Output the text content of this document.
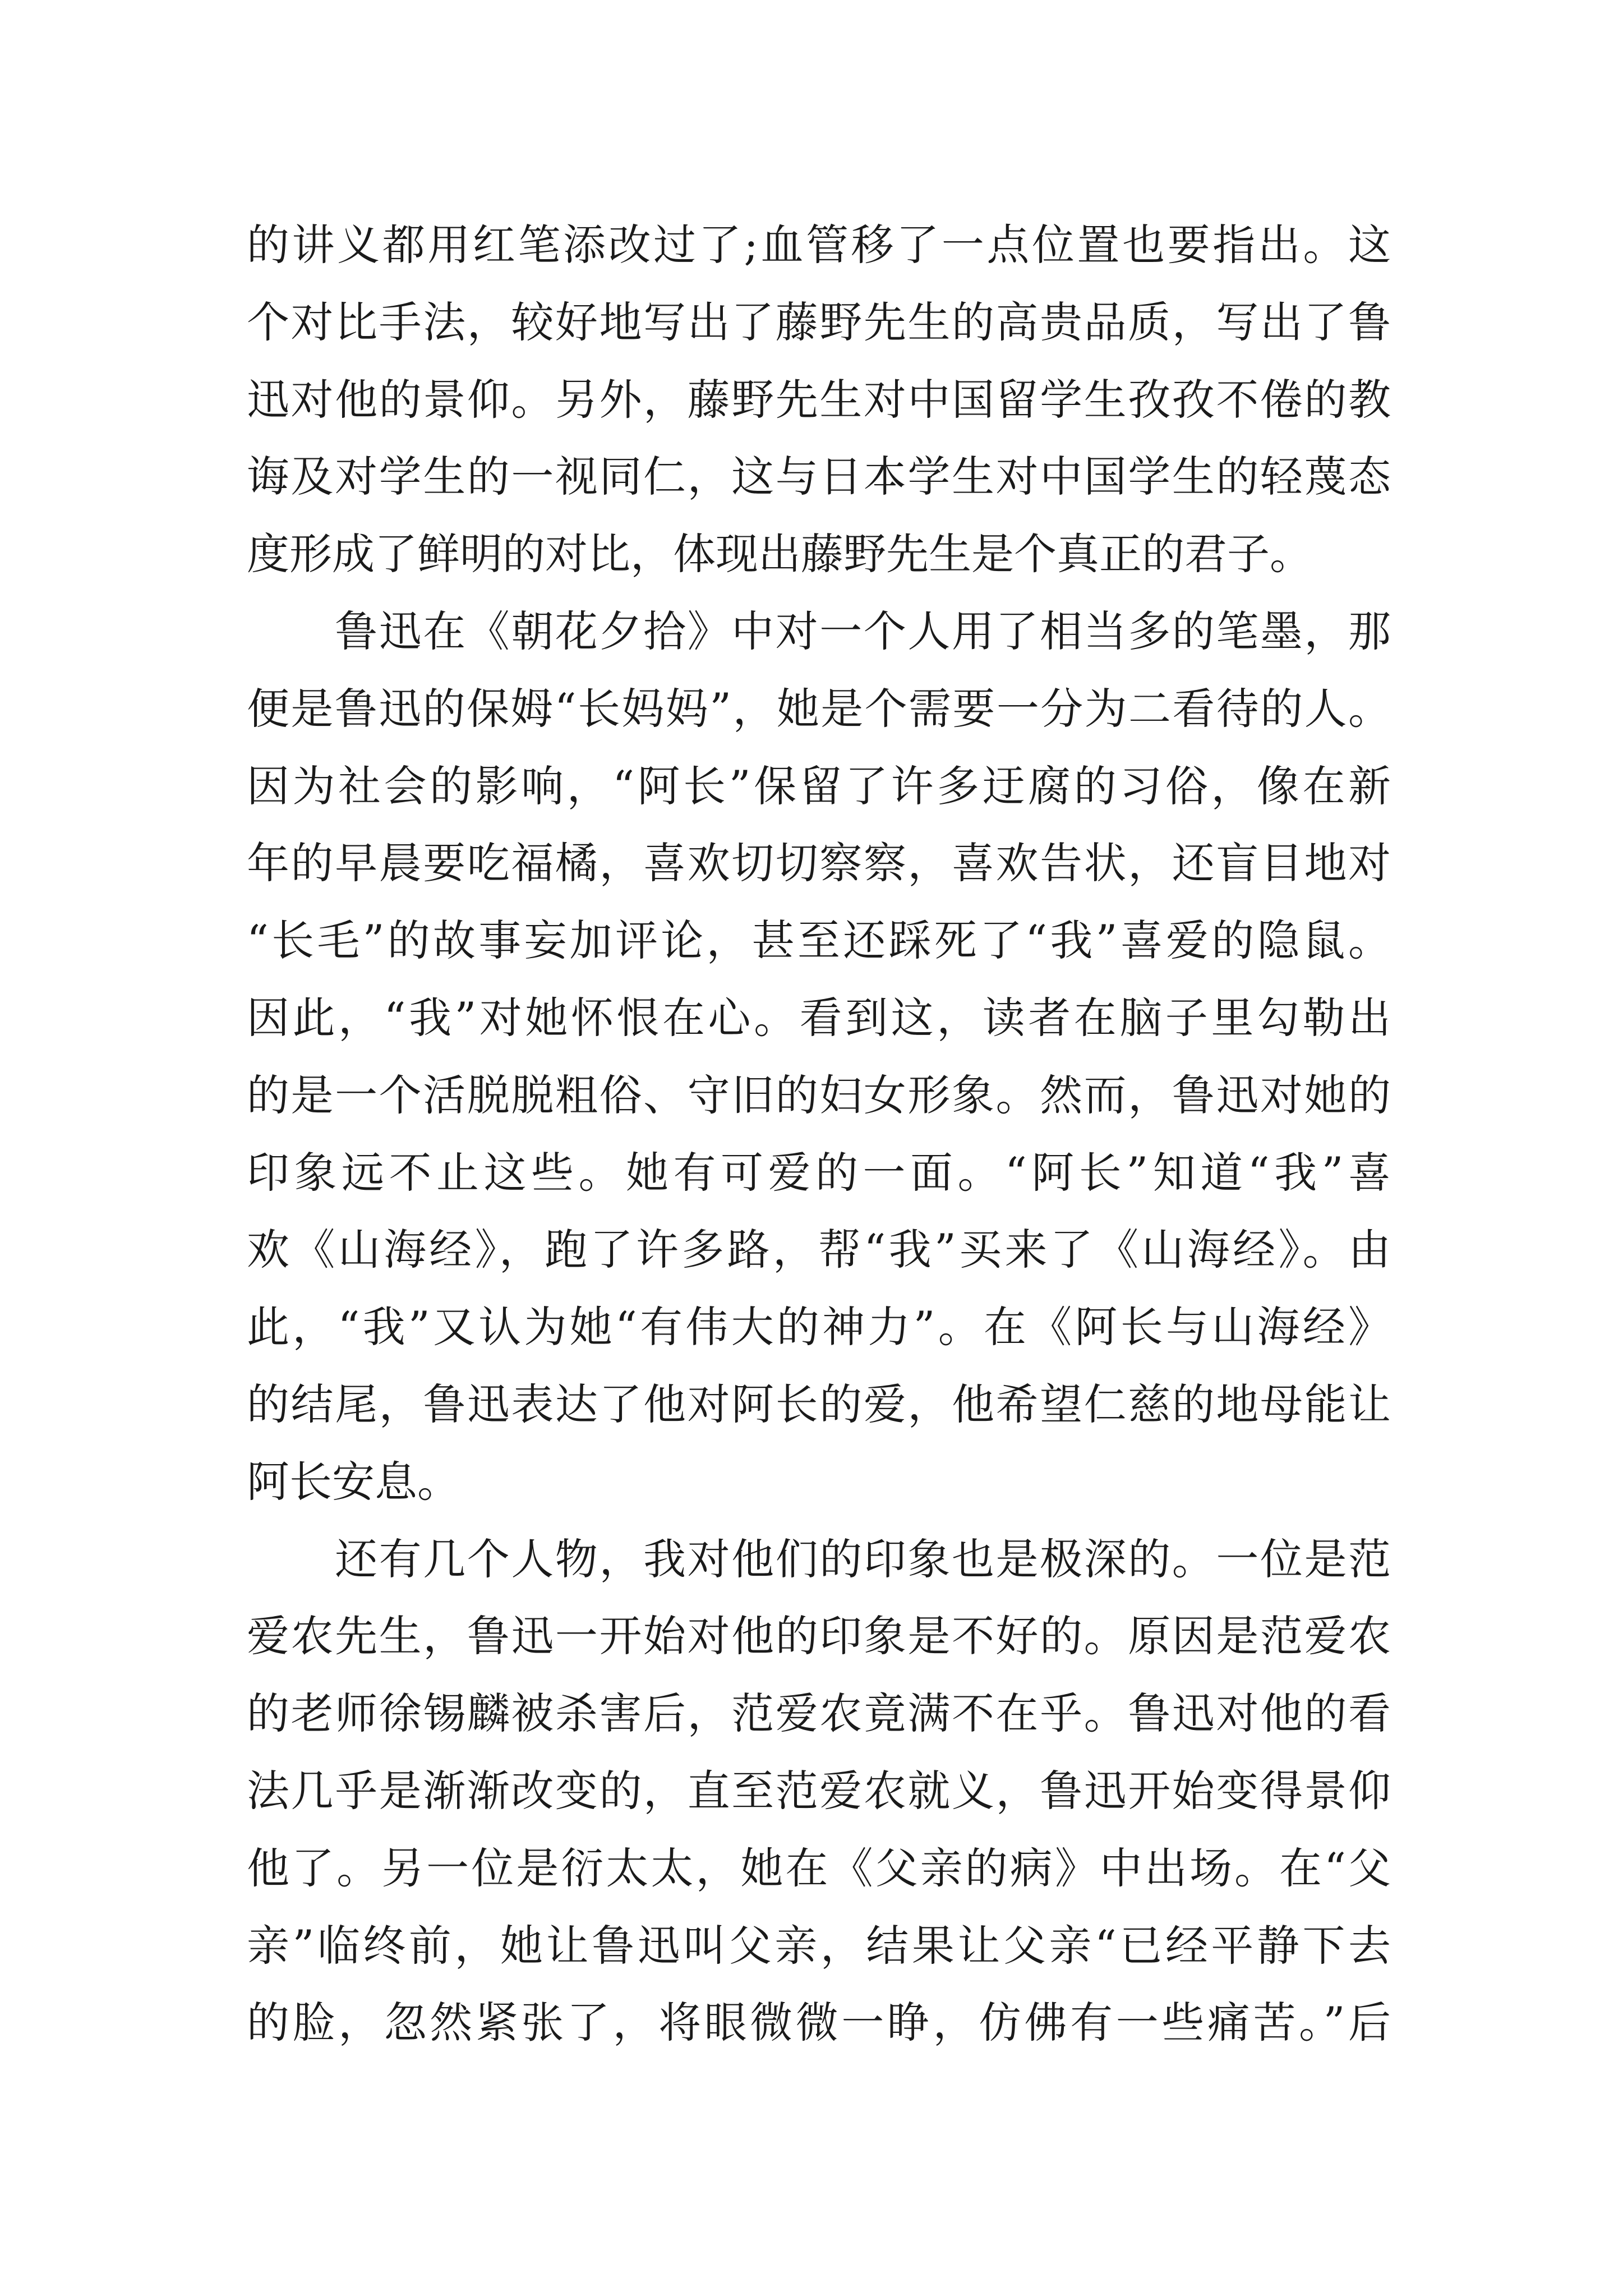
的讲义都用红笔添改过了;血管移了一点位置也要指出。这
个对比手法，较好地写出了藤野先生的高贵品质，写出了鲁
迅对他的景仰。另外，藤野先生对中国留学生孜孜不倦的教
诲及对学生的一视同仁，这与日本学生对中国学生的轻蔑态
度形成了鲜明的对比，体现出藤野先生是个真正的君子。
　　鲁迅在《朝花夕拾》中对一个人用了相当多的笔墨，那
便是鲁迅的保姆“长妈妈”，她是个需要一分为二看待的人。
因为社会的影响，“阿长”保留了许多迂腐的习俗，像在新
年的早晨要吃福橘，喜欢切切察察，喜欢告状，还盲目地对
“长毛”的故事妄加评论，甚至还踩死了“我”喜爱的隐鼠。
因此，“我”对她怀恨在心。看到这，读者在脑子里勾勒出
的是一个活脱脱粗俗、守旧的妇女形象。然而，鲁迅对她的
印象远不止这些。她有可爱的一面。“阿长”知道“我”喜
欢《山海经》，跑了许多路，帮“我”买来了《山海经》。由
此，“我”又认为她“有伟大的神力”。在《阿长与山海经》
的结尾，鲁迅表达了他对阿长的爱，他希望仁慈的地母能让
阿长安息。
　　还有几个人物，我对他们的印象也是极深的。一位是范
爱农先生，鲁迅一开始对他的印象是不好的。原因是范爱农
的老师徐锡麟被杀害后，范爱农竟满不在乎。鲁迅对他的看
法几乎是渐渐改变的，直至范爱农就义，鲁迅开始变得景仰
他了。另一位是衍太太，她在《父亲的病》中出场。在“父
亲”临终前，她让鲁迅叫父亲，结果让父亲“已经平静下去
的脸，忽然紧张了，将眼微微一睁，仿佛有一些痛苦。”后
